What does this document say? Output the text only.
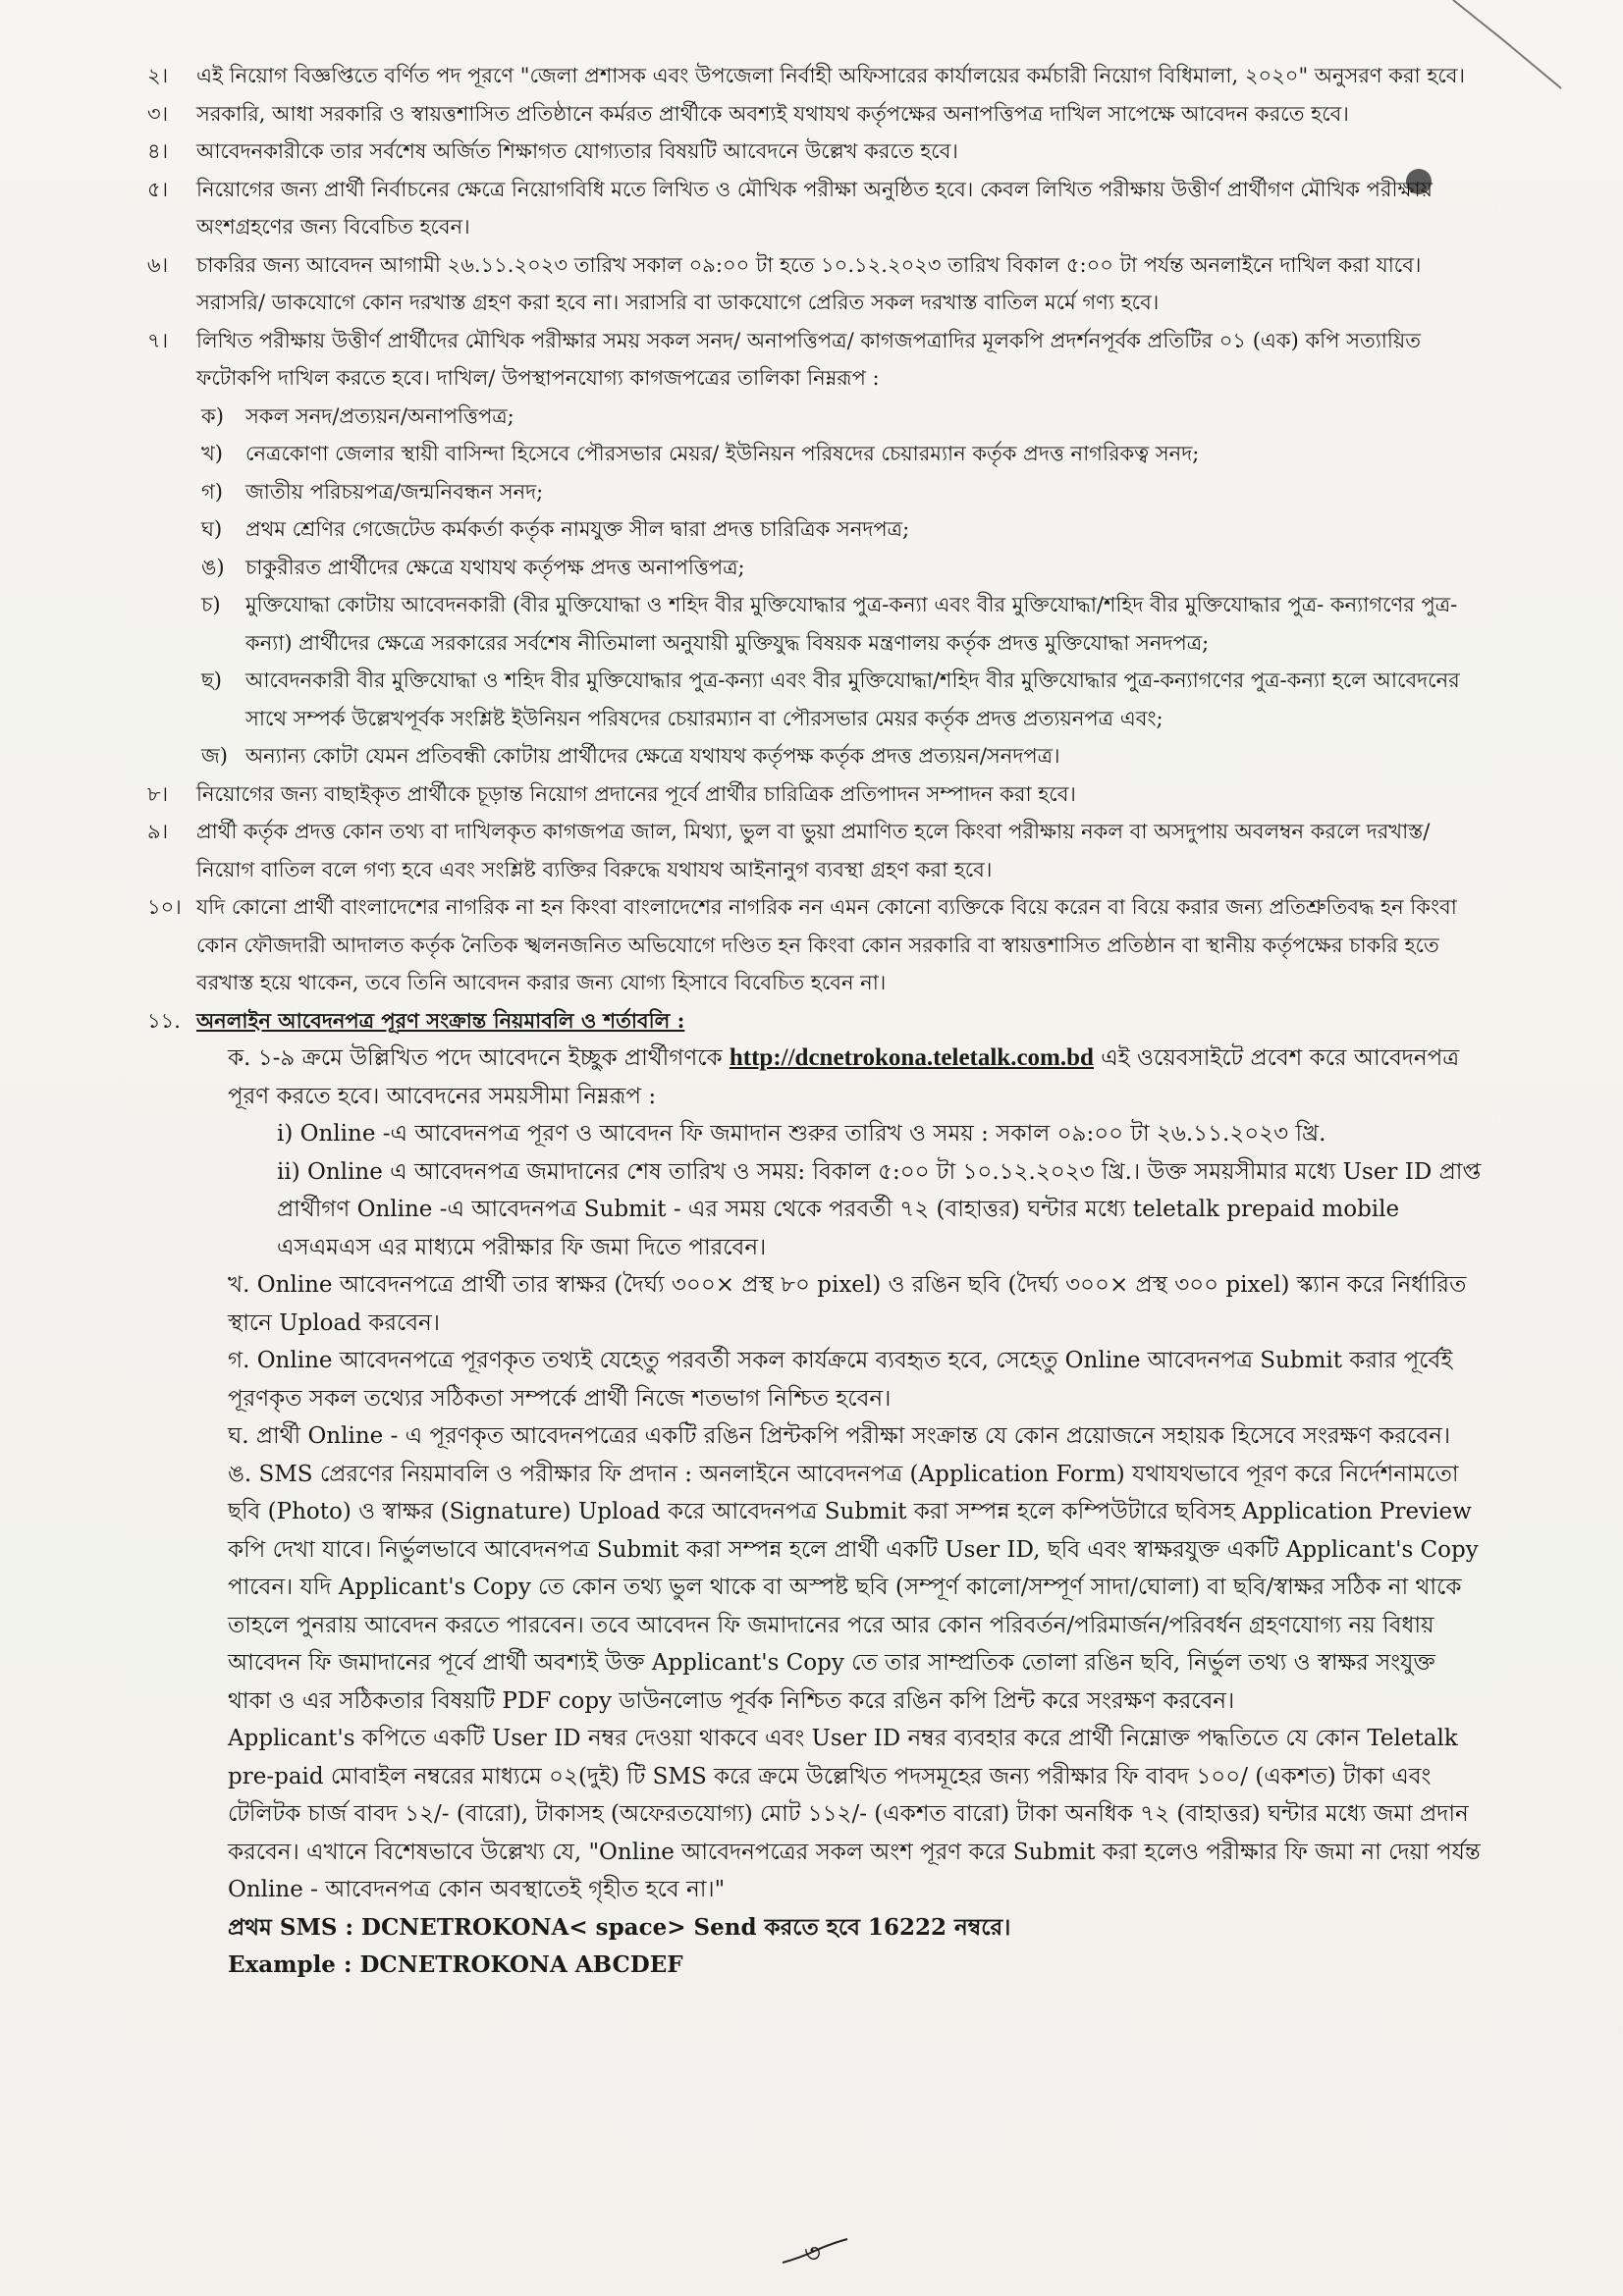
২।	এই নিয়োগ বিজ্ঞপ্তিতে বর্ণিত পদ পূরণে "জেলা প্রশাসক এবং উপজেলা নির্বাহী অফিসারের কার্যালয়ের কর্মচারী নিয়োগ বিধিমালা, ২০২০" অনুসরণ করা হবে।
৩।	সরকারি, আধা সরকারি ও স্বায়ত্তশাসিত প্রতিষ্ঠানে কর্মরত প্রার্থীকে অবশ্যই যথাযথ কর্তৃপক্ষের অনাপত্তিপত্র দাখিল সাপেক্ষে আবেদন করতে হবে।
৪।	আবেদনকারীকে তার সর্বশেষ অর্জিত শিক্ষাগত যোগ্যতার বিষয়টি আবেদনে উল্লেখ করতে হবে।
৫।	নিয়োগের জন্য প্রার্থী নির্বাচনের ক্ষেত্রে নিয়োগবিধি মতে লিখিত ও মৌখিক পরীক্ষা অনুষ্ঠিত হবে। কেবল লিখিত পরীক্ষায় উত্তীর্ণ প্রার্থীগণ মৌখিক পরীক্ষায় অংশগ্রহণের জন্য বিবেচিত হবেন।
৬।	চাকরির জন্য আবেদন আগামী ২৬.১১.২০২৩ তারিখ সকাল ০৯:০০ টা হতে ১০.১২.২০২৩ তারিখ বিকাল ৫:০০ টা পর্যন্ত অনলাইনে দাখিল করা যাবে। সরাসরি/ ডাকযোগে কোন দরখাস্ত গ্রহণ করা হবে না। সরাসরি বা ডাকযোগে প্রেরিত সকল দরখাস্ত বাতিল মর্মে গণ্য হবে।
৭।	লিখিত পরীক্ষায় উত্তীর্ণ প্রার্থীদের মৌখিক পরীক্ষার সময় সকল সনদ/ অনাপত্তিপত্র/ কাগজপত্রাদির মূলকপি প্রদর্শনপূর্বক প্রতিটির ০১ (এক) কপি সত্যায়িত ফটোকপি দাখিল করতে হবে। দাখিল/ উপস্থাপনযোগ্য কাগজপত্রের তালিকা নিম্নরূপ :
ক)	সকল সনদ/প্রত্যয়ন/অনাপত্তিপত্র;
খ)	নেত্রকোণা জেলার স্থায়ী বাসিন্দা হিসেবে পৌরসভার মেয়র/ ইউনিয়ন পরিষদের চেয়ারম্যান কর্তৃক প্রদত্ত নাগরিকত্ব সনদ;
গ)	জাতীয় পরিচয়পত্র/জন্মনিবন্ধন সনদ;
ঘ)	প্রথম শ্রেণির গেজেটেড কর্মকর্তা কর্তৃক নামযুক্ত সীল দ্বারা প্রদত্ত চারিত্রিক সনদপত্র;
ঙ)	চাকুরীরত প্রার্থীদের ক্ষেত্রে যথাযথ কর্তৃপক্ষ প্রদত্ত অনাপত্তিপত্র;
চ)	মুক্তিযোদ্ধা কোটায় আবেদনকারী (বীর মুক্তিযোদ্ধা ও শহিদ বীর মুক্তিযোদ্ধার পুত্র-কন্যা এবং বীর মুক্তিযোদ্ধা/শহিদ বীর মুক্তিযোদ্ধার পুত্র- কন্যাগণের পুত্র-কন্যা) প্রার্থীদের ক্ষেত্রে সরকারের সর্বশেষ নীতিমালা অনুযায়ী মুক্তিযুদ্ধ বিষয়ক মন্ত্রণালয় কর্তৃক প্রদত্ত মুক্তিযোদ্ধা সনদপত্র;
ছ)	আবেদনকারী বীর মুক্তিযোদ্ধা ও শহিদ বীর মুক্তিযোদ্ধার পুত্র-কন্যা এবং বীর মুক্তিযোদ্ধা/শহিদ বীর মুক্তিযোদ্ধার পুত্র-কন্যাগণের পুত্র-কন্যা হলে আবেদনের সাথে সম্পর্ক উল্লেখপূর্বক সংশ্লিষ্ট ইউনিয়ন পরিষদের চেয়ারম্যান বা পৌরসভার মেয়র কর্তৃক প্রদত্ত প্রত্যয়নপত্র এবং;
জ) অন্যান্য কোটা যেমন প্রতিবন্ধী কোটায় প্রার্থীদের ক্ষেত্রে যথাযথ কর্তৃপক্ষ কর্তৃক প্রদত্ত প্রত্যয়ন/সনদপত্র।
৮।	নিয়োগের জন্য বাছাইকৃত প্রার্থীকে চূড়ান্ত নিয়োগ প্রদানের পূর্বে প্রার্থীর চারিত্রিক প্রতিপাদন সম্পাদন করা হবে।
৯।	প্রার্থী কর্তৃক প্রদত্ত কোন তথ্য বা দাখিলকৃত কাগজপত্র জাল, মিথ্যা, ভুল বা ভুয়া প্রমাণিত হলে কিংবা পরীক্ষায় নকল বা অসদুপায় অবলম্বন করলে দরখাস্ত/নিয়োগ বাতিল বলে গণ্য হবে এবং সংশ্লিষ্ট ব্যক্তির বিরুদ্ধে যথাযথ আইনানুগ ব্যবস্থা গ্রহণ করা হবে।
১০। যদি কোনো প্রার্থী বাংলাদেশের নাগরিক না হন কিংবা বাংলাদেশের নাগরিক নন এমন কোনো ব্যক্তিকে বিয়ে করেন বা বিয়ে করার জন্য প্রতিশ্রুতিবদ্ধ হন কিংবা কোন ফৌজদারী আদালত কর্তৃক নৈতিক স্খলনজনিত অভিযোগে দণ্ডিত হন কিংবা কোন সরকারি বা স্বায়ত্তশাসিত প্রতিষ্ঠান বা স্থানীয় কর্তৃপক্ষের চাকরি হতে বরখাস্ত হয়ে থাকেন, তবে তিনি আবেদন করার জন্য যোগ্য হিসাবে বিবেচিত হবেন না।
১১. অনলাইন আবেদনপত্র পূরণ সংক্রান্ত নিয়মাবলি ও শর্তাবলি :

ক. ১-৯ ক্রমে উল্লিখিত পদে আবেদনে ইচ্ছুক প্রার্থীগণকে http://dcnetrokona.teletalk.com.bd এই ওয়েবসাইটে প্রবেশ করে আবেদনপত্র পূরণ করতে হবে। আবেদনের সময়সীমা নিম্নরূপ :

i) Online -এ আবেদনপত্র পূরণ ও আবেদন ফি জমাদান শুরুর তারিখ ও সময় : সকাল ০৯:০০ টা ২৬.১১.২০২৩ খ্রি.

ii) Online এ আবেদনপত্র জমাদানের শেষ তারিখ ও সময়: বিকাল ৫:০০ টা ১০.১২.২০২৩ খ্রি.। উক্ত সময়সীমার মধ্যে User ID প্রাপ্ত প্রার্থীগণ Online -এ আবেদনপত্র Submit - এর সময় থেকে পরবর্তী ৭২ (বাহাত্তর) ঘন্টার মধ্যে teletalk prepaid mobile এসএমএস এর মাধ্যমে পরীক্ষার ফি জমা দিতে পারবেন।

খ. Online আবেদনপত্রে প্রার্থী তার স্বাক্ষর (দৈর্ঘ্য ৩০০× প্রস্থ ৮০ pixel) ও রঙিন ছবি (দৈর্ঘ্য ৩০০× প্রস্থ ৩০০ pixel) স্ক্যান করে নির্ধারিত স্থানে Upload করবেন।

গ. Online আবেদনপত্রে পূরণকৃত তথ্যই যেহেতু পরবর্তী সকল কার্যক্রমে ব্যবহৃত হবে, সেহেতু Online আবেদনপত্র Submit করার পূর্বেই পূরণকৃত সকল তথ্যের সঠিকতা সম্পর্কে প্রার্থী নিজে শতভাগ নিশ্চিত হবেন।

ঘ. প্রার্থী Online - এ পূরণকৃত আবেদনপত্রের একটি রঙিন প্রিন্টকপি পরীক্ষা সংক্রান্ত যে কোন প্রয়োজনে সহায়ক হিসেবে সংরক্ষণ করবেন।

ঙ. SMS প্রেরণের নিয়মাবলি ও পরীক্ষার ফি প্রদান : অনলাইনে আবেদনপত্র (Application Form) যথাযথভাবে পূরণ করে নির্দেশনামতো ছবি (Photo) ও স্বাক্ষর (Signature) Upload করে আবেদনপত্র Submit করা সম্পন্ন হলে কম্পিউটারে ছবিসহ Application Preview কপি দেখা যাবে। নির্ভুলভাবে আবেদনপত্র Submit করা সম্পন্ন হলে প্রার্থী একটি User ID, ছবি এবং স্বাক্ষরযুক্ত একটি Applicant's Copy পাবেন। যদি Applicant's Copy তে কোন তথ্য ভুল থাকে বা অস্পষ্ট ছবি (সম্পূর্ণ কালো/সম্পূর্ণ সাদা/ঘোলা) বা ছবি/স্বাক্ষর সঠিক না থাকে তাহলে পুনরায় আবেদন করতে পারবেন। তবে আবেদন ফি জমাদানের পরে আর কোন পরিবর্তন/পরিমার্জন/পরিবর্ধন গ্রহণযোগ্য নয় বিধায় আবেদন ফি জমাদানের পূর্বে প্রার্থী অবশ্যই উক্ত Applicant's Copy তে তার সাম্প্রতিক তোলা রঙিন ছবি, নির্ভুল তথ্য ও স্বাক্ষর সংযুক্ত থাকা ও এর সঠিকতার বিষয়টি PDF copy ডাউনলোড পূর্বক নিশ্চিত করে রঙিন কপি প্রিন্ট করে সংরক্ষণ করবেন।

Applicant's কপিতে একটি User ID নম্বর দেওয়া থাকবে এবং User ID নম্বর ব্যবহার করে প্রার্থী নিম্নোক্ত পদ্ধতিতে যে কোন Teletalk pre-paid মোবাইল নম্বরের মাধ্যমে ০২(দুই) টি SMS করে ক্রমে উল্লেখিত পদসমূহের জন্য পরীক্ষার ফি বাবদ ১০০/ (একশত) টাকা এবং টেলিটক চার্জ বাবদ ১২/- (বারো), টাকাসহ (অফেরতযোগ্য) মোট ১১২/- (একশত বারো) টাকা অনধিক ৭২ (বাহাত্তর) ঘন্টার মধ্যে জমা প্রদান করবেন। এখানে বিশেষভাবে উল্লেখ্য যে, "Online আবেদনপত্রের সকল অংশ পূরণ করে Submit করা হলেও পরীক্ষার ফি জমা না দেয়া পর্যন্ত Online - আবেদনপত্র কোন অবস্থাতেই গৃহীত হবে না।"

প্রথম SMS : DCNETROKONA< space> Send করতে হবে 16222 নম্বরে।
Example : DCNETROKONA ABCDEF
৩
